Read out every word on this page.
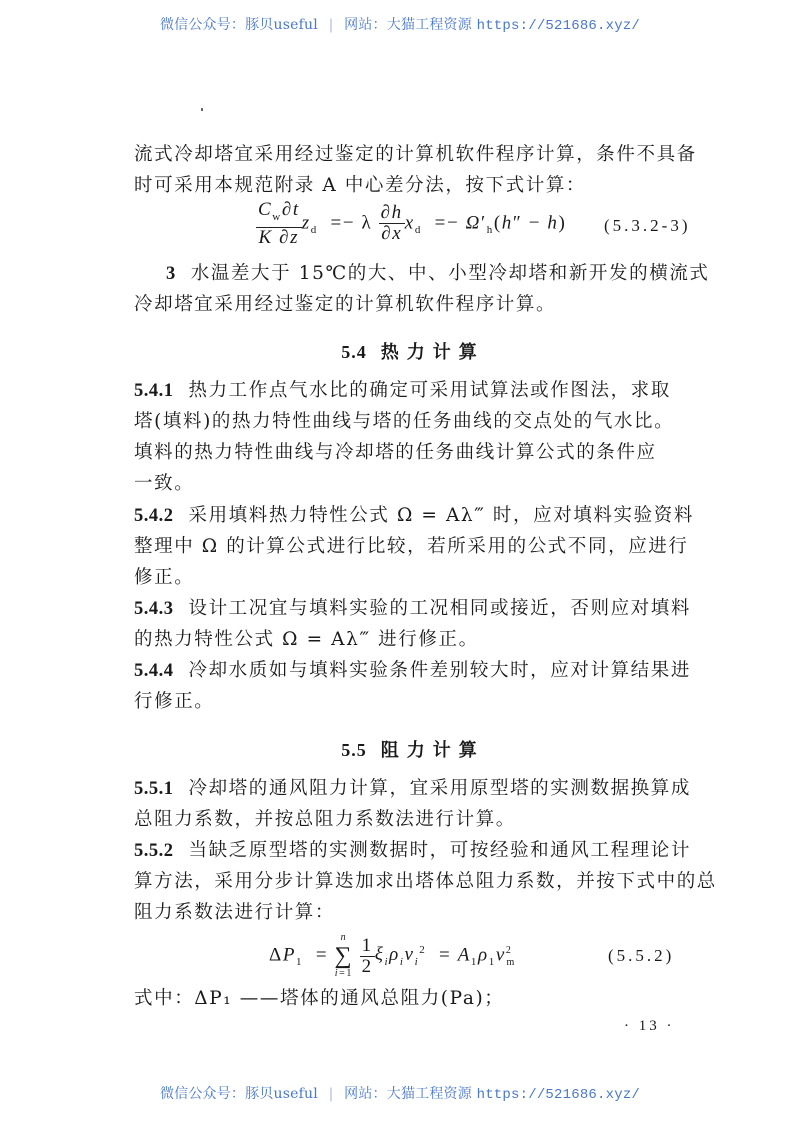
微信公众号：豚贝useful | 网站：大猫工程资源 https://521686.xyz/
流式冷却塔宜采用经过鉴定的计算机软件程序计算，条件不具备
时可采用本规范附录 A 中心差分法，按下式计算：
$\frac{C_w\partial t}{K \partial z} z_d =- \lambda \frac{\partial h}{\partial x} x_d =- \Omega'_h(h'' - h)$ (5.3.2-3)
3 水温差大于 15℃的大、中、小型冷却塔和新开发的横流式
冷却塔宜采用经过鉴定的计算机软件程序计算。
5.4 热力计算
5.4.1 热力工作点气水比的确定可采用试算法或作图法，求取
塔(填料)的热力特性曲线与塔的任务曲线的交点处的气水比。
填料的热力特性曲线与冷却塔的任务曲线计算公式的条件应
一致。
5.4.2 采用填料热力特性公式 Ω = Aλ‴ 时，应对填料实验资料
整理中 Ω 的计算公式进行比较，若所采用的公式不同，应进行
修正。
5.4.3 设计工况宜与填料实验的工况相同或接近，否则应对填料
的热力特性公式 Ω = Aλ‴ 进行修正。
5.4.4 冷却水质如与填料实验条件差别较大时，应对计算结果进
行修正。
5.5 阻力计算
5.5.1 冷却塔的通风阻力计算，宜采用原型塔的实测数据换算成
总阻力系数，并按总阻力系数法进行计算。
5.5.2 当缺乏原型塔的实测数据时，可按经验和通风工程理论计
算方法，采用分步计算迭加求出塔体总阻力系数，并按下式中的总
阻力系数法进行计算：
$\Delta P_1$  =
n
∑
i=1
$\frac{1}{2} \xi_i\rho_iv_i^2 = A_1\rho_1v^2_m$	(5.5.2)
式中：ΔP₁ ——塔体的通风总阻力(Pa)；
· 13 ·
微信公众号：豚贝useful | 网站：大猫工程资源 https://521686.xyz/
